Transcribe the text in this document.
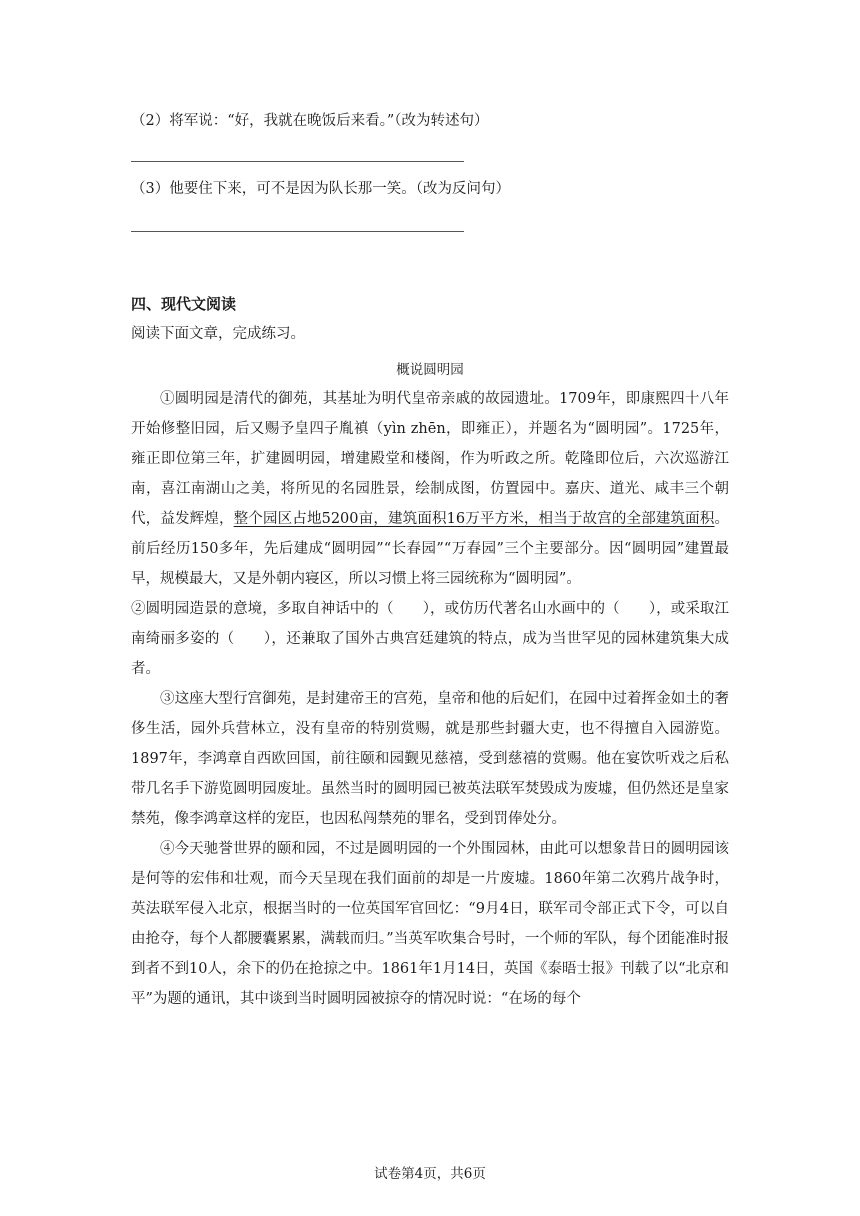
（2）将军说：“好，我就在晚饭后来看。”（改为转述句）
（3）他要住下来，可不是因为队长那一笑。（改为反问句）
四、现代文阅读
阅读下面文章，完成练习。
概说圆明园

①圆明园是清代的御苑，其基址为明代皇帝亲戚的故园遗址。1709年，即康熙四十八年开始修整旧园，后又赐予皇四子胤禛（yìn zhēn，即雍正），并题名为“圆明园”。1725年，雍正即位第三年，扩建圆明园，增建殿堂和楼阁，作为听政之所。乾隆即位后，六次巡游江南，喜江南湖山之美，将所见的名园胜景，绘制成图，仿置园中。嘉庆、道光、咸丰三个朝代，益发辉煌，整个园区占地5200亩，建筑面积16万平方米，相当于故宫的全部建筑面积。前后经历150多年，先后建成“圆明园”“长春园”“万春园”三个主要部分。因“圆明园”建置最早，规模最大，又是外朝内寝区，所以习惯上将三园统称为“圆明园”。

②圆明园造景的意境，多取自神话中的（　　），或仿历代著名山水画中的（　　），或采取江南绮丽多姿的（　　），还兼取了国外古典宫廷建筑的特点，成为当世罕见的园林建筑集大成者。

③这座大型行宫御苑，是封建帝王的宫苑，皇帝和他的后妃们，在园中过着挥金如土的奢侈生活，园外兵营林立，没有皇帝的特别赏赐，就是那些封疆大吏，也不得擅自入园游览。1897年，李鸿章自西欧回国，前往颐和园觐见慈禧，受到慈禧的赏赐。他在宴饮听戏之后私带几名手下游览圆明园废址。虽然当时的圆明园已被英法联军焚毁成为废墟，但仍然还是皇家禁苑，像李鸿章这样的宠臣，也因私闯禁苑的罪名，受到罚俸处分。

④今天驰誉世界的颐和园，不过是圆明园的一个外围园林，由此可以想象昔日的圆明园该是何等的宏伟和壮观，而今天呈现在我们面前的却是一片废墟。1860年第二次鸦片战争时，英法联军侵入北京，根据当时的一位英国军官回忆：“9月4日，联军司令部正式下令，可以自由抢夺，每个人都腰囊累累，满载而归。”当英军吹集合号时，一个师的军队，每个团能准时报到者不到10人，余下的仍在抢掠之中。1861年1月14日，英国《泰晤士报》刊载了以“北京和平”为题的通讯，其中谈到当时圆明园被掠夺的情况时说：“在场的每个

试卷第4页，共6页
